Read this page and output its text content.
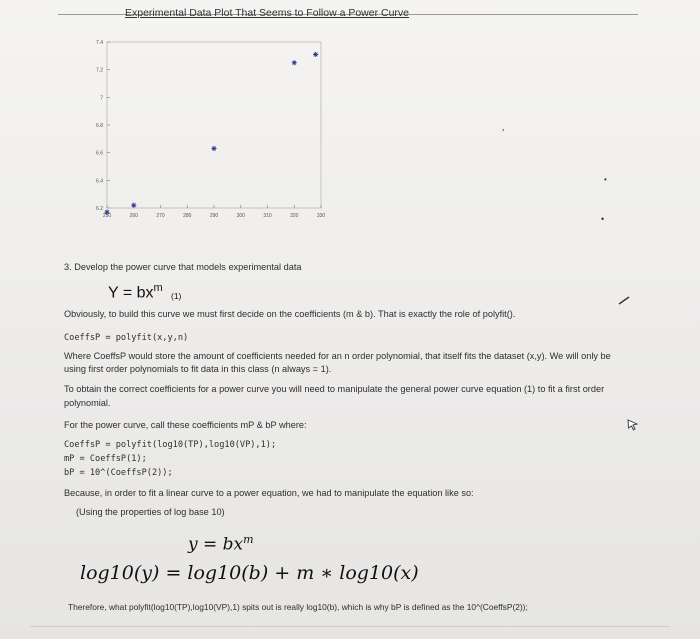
Experimental Data Plot That Seems to Follow a Power Curve
250	260	270	280	290	300	310	320	330
7.4
7.2
7
6.8
6.6
6.4
6.2
’
•
•
3. Develop the power curve that models experimental data
$Y = bx^m$
(1)
Obviously, to build this curve we must first decide on the coefficients (m & b). That is exactly the role of polyfit().
CoeffsP = polyfit(x,y,n)
Where CoeffsP would store the amount of coefficients needed for an n order polynomial, that itself fits the dataset (x,y). We will only be
using first order polynomials to fit data in this class (n always = 1).
To obtain the correct coefficients for a power curve you will need to manipulate the general power curve equation (1) to fit a first order
polynomial.
For the power curve, call these coefficients mP & bP where:
CoeffsP = polyfit(log10(TP),log10(VP),1);
mP = CoeffsP(1);
bP = 10^(CoeffsP(2));
Because, in order to fit a linear curve to a power equation, we had to manipulate the equation like so:
(Using the properties of log base 10)
$y = bx^m$
log10(y) = log10(b) + m ∗ log10(x)
Therefore, what polyfit(log10(TP),log10(VP),1) spits out is really log10(b), which is why bP is defined as the 10^(CoeffsP(2));
